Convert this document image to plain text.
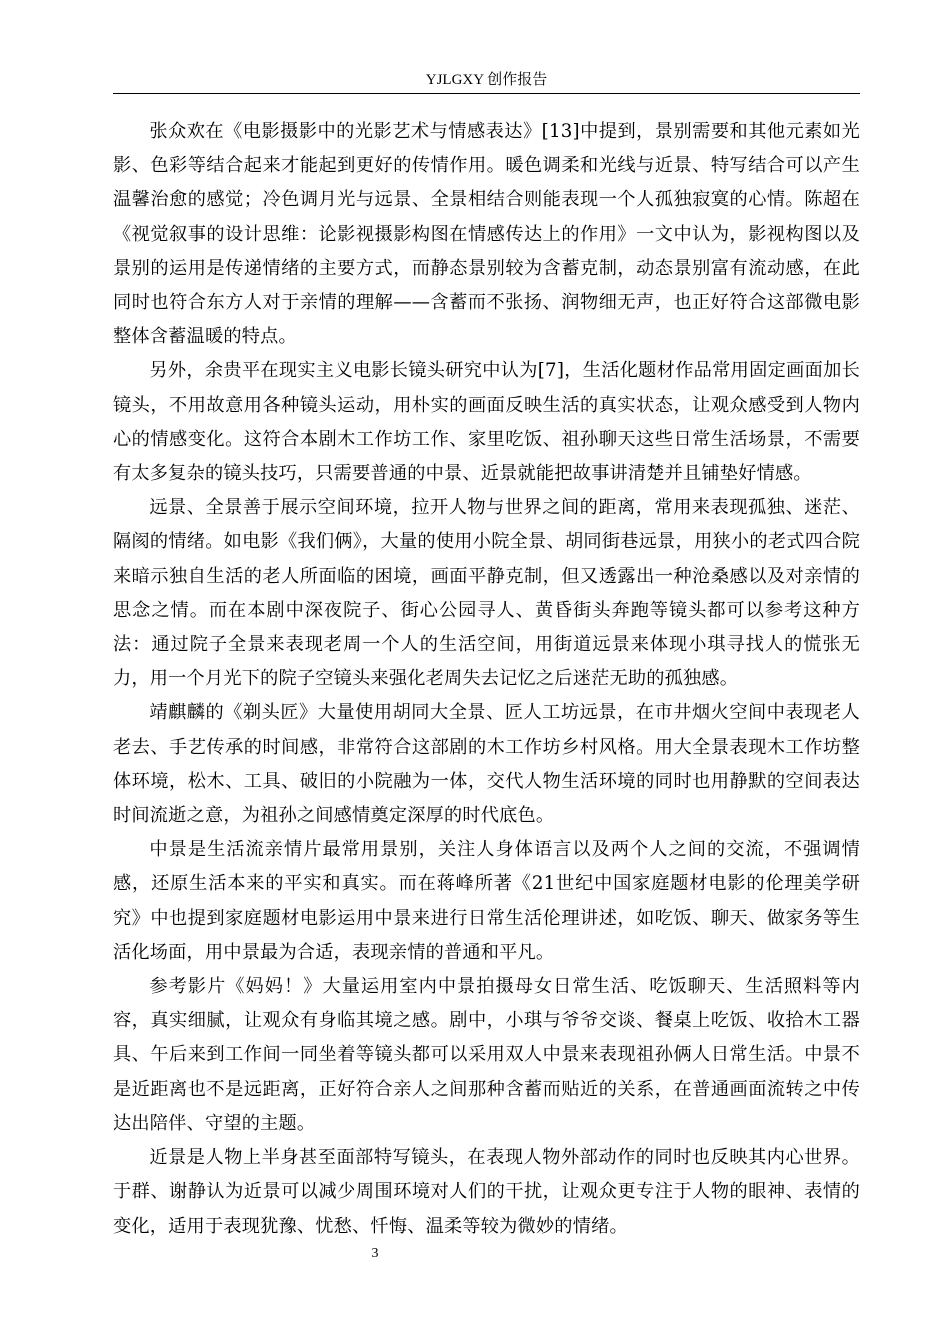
YJLGXY 创作报告

张众欢在《电影摄影中的光影艺术与情感表达》[13]中提到，景别需要和其他元素如光影、色彩等结合起来才能起到更好的传情作用。暖色调柔和光线与近景、特写结合可以产生温馨治愈的感觉；冷色调月光与远景、全景相结合则能表现一个人孤独寂寞的心情。陈超在《视觉叙事的设计思维：论影视摄影构图在情感传达上的作用》一文中认为，影视构图以及景别的运用是传递情绪的主要方式，而静态景别较为含蓄克制，动态景别富有流动感，在此同时也符合东方人对于亲情的理解——含蓄而不张扬、润物细无声，也正好符合这部微电影整体含蓄温暖的特点。

另外，余贵平在现实主义电影长镜头研究中认为[7]，生活化题材作品常用固定画面加长镜头，不用故意用各种镜头运动，用朴实的画面反映生活的真实状态，让观众感受到人物内心的情感变化。这符合本剧木工作坊工作、家里吃饭、祖孙聊天这些日常生活场景，不需要有太多复杂的镜头技巧，只需要普通的中景、近景就能把故事讲清楚并且铺垫好情感。

远景、全景善于展示空间环境，拉开人物与世界之间的距离，常用来表现孤独、迷茫、隔阂的情绪。如电影《我们俩》，大量的使用小院全景、胡同街巷远景，用狭小的老式四合院来暗示独自生活的老人所面临的困境，画面平静克制，但又透露出一种沧桑感以及对亲情的思念之情。而在本剧中深夜院子、街心公园寻人、黄昏街头奔跑等镜头都可以参考这种方法：通过院子全景来表现老周一个人的生活空间，用街道远景来体现小琪寻找人的慌张无力，用一个月光下的院子空镜头来强化老周失去记忆之后迷茫无助的孤独感。

靖麒麟的《剃头匠》大量使用胡同大全景、匠人工坊远景，在市井烟火空间中表现老人老去、手艺传承的时间感，非常符合这部剧的木工作坊乡村风格。用大全景表现木工作坊整体环境，松木、工具、破旧的小院融为一体，交代人物生活环境的同时也用静默的空间表达时间流逝之意，为祖孙之间感情奠定深厚的时代底色。

中景是生活流亲情片最常用景别，关注人身体语言以及两个人之间的交流，不强调情感，还原生活本来的平实和真实。而在蒋峰所著《21世纪中国家庭题材电影的伦理美学研究》中也提到家庭题材电影运用中景来进行日常生活伦理讲述，如吃饭、聊天、做家务等生活化场面，用中景最为合适，表现亲情的普通和平凡。

参考影片《妈妈！》大量运用室内中景拍摄母女日常生活、吃饭聊天、生活照料等内容，真实细腻，让观众有身临其境之感。剧中，小琪与爷爷交谈、餐桌上吃饭、收拾木工器具、午后来到工作间一同坐着等镜头都可以采用双人中景来表现祖孙俩人日常生活。中景不是近距离也不是远距离，正好符合亲人之间那种含蓄而贴近的关系，在普通画面流转之中传达出陪伴、守望的主题。

近景是人物上半身甚至面部特写镜头，在表现人物外部动作的同时也反映其内心世界。于群、谢静认为近景可以减少周围环境对人们的干扰，让观众更专注于人物的眼神、表情的变化，适用于表现犹豫、忧愁、忏悔、温柔等较为微妙的情绪。

3
